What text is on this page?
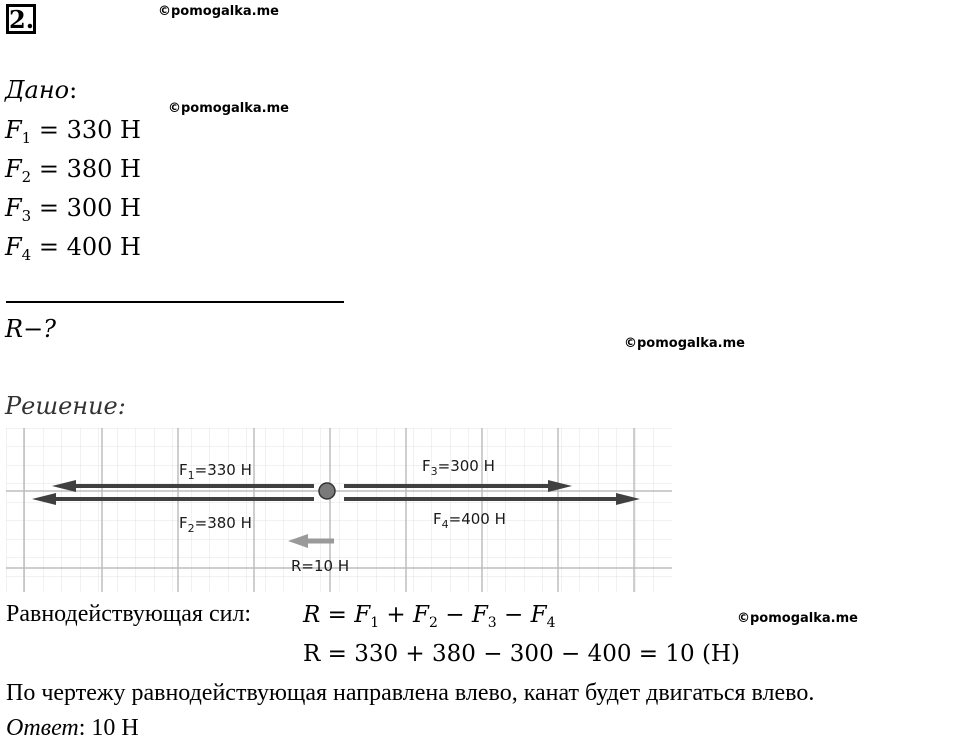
2.	©pomogalka.me
Дано:
©pomogalka.me
$F_1 = 330$ Н
$F_2 = 380$ Н
$F_3 = 300$ Н
$F_4 = 400$ Н
R−?
©pomogalka.me
Решение:
$F_1=330$ Н
$F_2=380$ Н
$F_3=300$ Н
$F_4=400$ Н
R=10 Н
Равнодействующая сил: $R = F_1 + F_2 - F_3 - F_4$	©pomogalka.me
R = 330 + 380 − 300 − 400 = 10 (Н)
По чертежу равнодействующая направлена влево, канат будет двигаться влево.
Ответ: 10 Н
